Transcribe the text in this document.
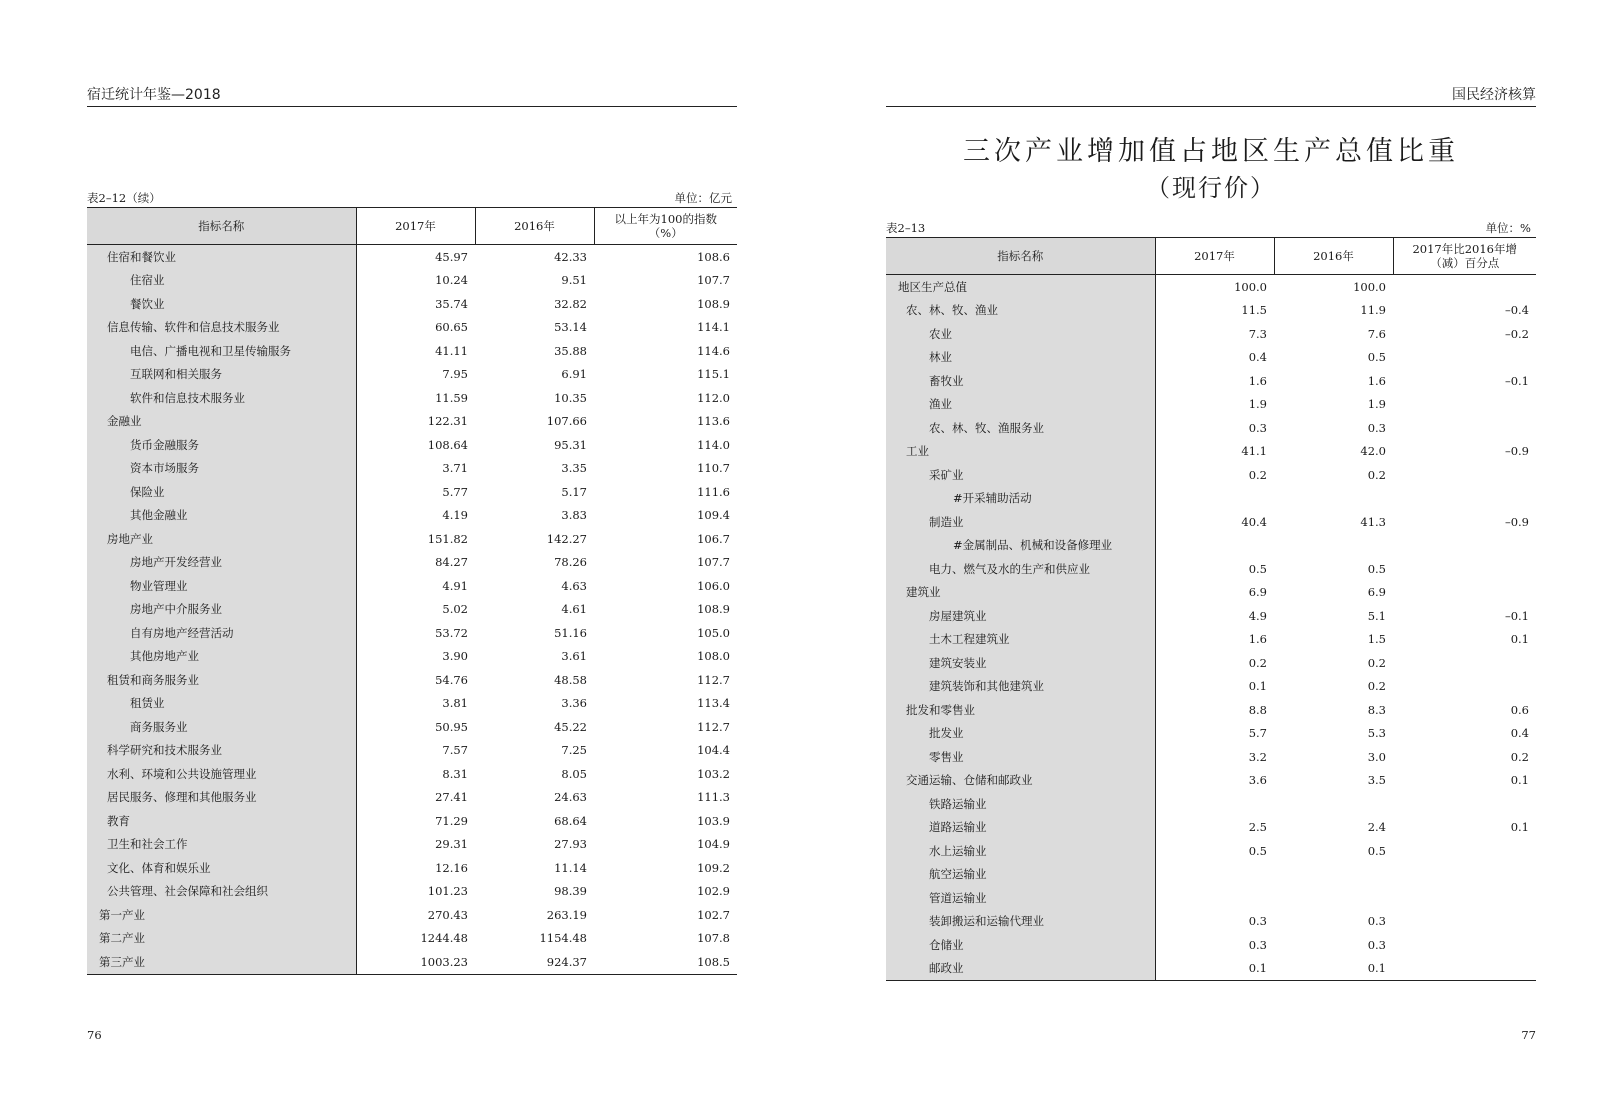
宿迁统计年鉴—2018
表2–12（续）	单位：亿元
指标名称	2017年	2016年	以上年为100的指数
（%）
住宿和餐饮业	45.97	42.33	108.6
住宿业	10.24	9.51	107.7
餐饮业	35.74	32.82	108.9
信息传输、软件和信息技术服务业	60.65	53.14	114.1
电信、广播电视和卫星传输服务	41.11	35.88	114.6
互联网和相关服务	7.95	6.91	115.1
软件和信息技术服务业	11.59	10.35	112.0
金融业	122.31	107.66	113.6
货币金融服务	108.64	95.31	114.0
资本市场服务	3.71	3.35	110.7
保险业	5.77	5.17	111.6
其他金融业	4.19	3.83	109.4
房地产业	151.82	142.27	106.7
房地产开发经营业	84.27	78.26	107.7
物业管理业	4.91	4.63	106.0
房地产中介服务业	5.02	4.61	108.9
自有房地产经营活动	53.72	51.16	105.0
其他房地产业	3.90	3.61	108.0
租赁和商务服务业	54.76	48.58	112.7
租赁业	3.81	3.36	113.4
商务服务业	50.95	45.22	112.7
科学研究和技术服务业	7.57	7.25	104.4
水利、环境和公共设施管理业	8.31	8.05	103.2
居民服务、修理和其他服务业	27.41	24.63	111.3
教育	71.29	68.64	103.9
卫生和社会工作	29.31	27.93	104.9
文化、体育和娱乐业	12.16	11.14	109.2
公共管理、社会保障和社会组织	101.23	98.39	102.9
第一产业	270.43	263.19	102.7
第二产业	1244.48	1154.48	107.8
第三产业	1003.23	924.37	108.5
76
国民经济核算
三次产业增加值占地区生产总值比重
（现行价）
表2–13	单位：%
指标名称	2017年	2016年	2017年比2016年增
（减）百分点
地区生产总值	100.0	100.0	
农、林、牧、渔业	11.5	11.9	–0.4
农业	7.3	7.6	–0.2
林业	0.4	0.5	
畜牧业	1.6	1.6	–0.1
渔业	1.9	1.9	
农、林、牧、渔服务业	0.3	0.3	
工业	41.1	42.0	–0.9
采矿业	0.2	0.2	
#开采辅助活动			
制造业	40.4	41.3	–0.9
#金属制品、机械和设备修理业			
电力、燃气及水的生产和供应业	0.5	0.5	
建筑业	6.9	6.9	
房屋建筑业	4.9	5.1	–0.1
土木工程建筑业	1.6	1.5	0.1
建筑安装业	0.2	0.2	
建筑装饰和其他建筑业	0.1	0.2	
批发和零售业	8.8	8.3	0.6
批发业	5.7	5.3	0.4
零售业	3.2	3.0	0.2
交通运输、仓储和邮政业	3.6	3.5	0.1
铁路运输业			
道路运输业	2.5	2.4	0.1
水上运输业	0.5	0.5	
航空运输业			
管道运输业			
装卸搬运和运输代理业	0.3	0.3	
仓储业	0.3	0.3	
邮政业	0.1	0.1	
77
